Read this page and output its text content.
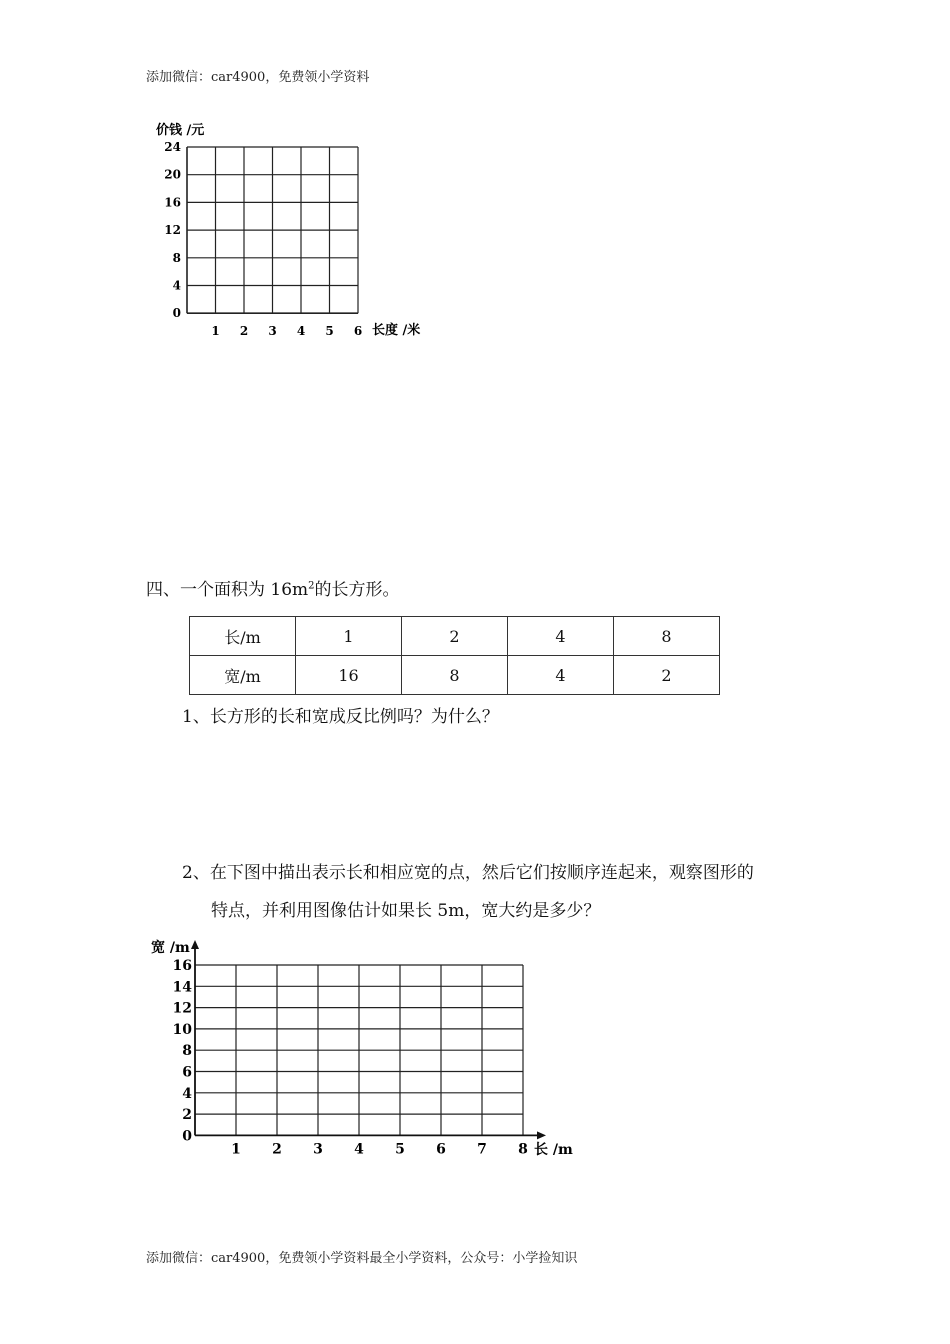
添加微信：car4900，免费领小学资料
价钱 /元
0
4
8
12
16
20
24
1 2 3 4 5 6 长度 /米
四、一个面积为 $16m^2$的长方形。
长/m	1	2	4	8
宽/m	16	8	4	2
1、长方形的长和宽成反比例吗？为什么？
2、在下图中描出表示长和相应宽的点，然后它们按顺序连起来，观察图形的
特点，并利用图像估计如果长 5m，宽大约是多少？
宽 /m
0
2
4
6
8
10
12
14
16
1 2 3 4 5 6 7 8 长 /m
添加微信：car4900，免费领小学资料最全小学资料，公众号：小学捡知识
